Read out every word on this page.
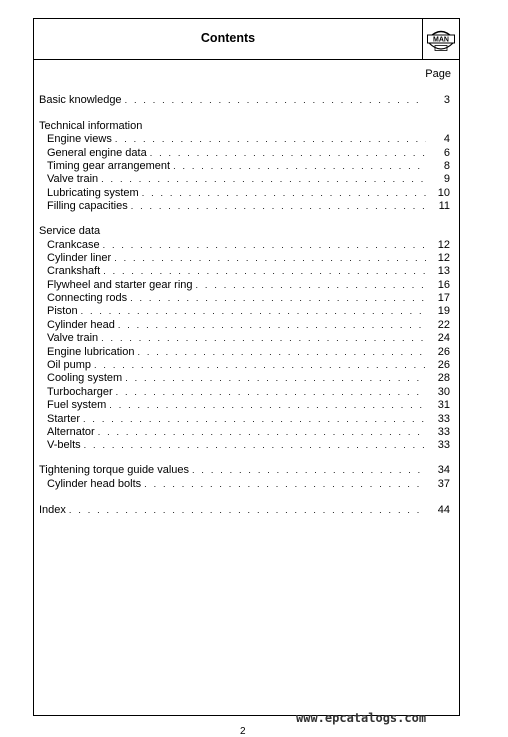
Contents	MAN
Page
Basic knowledge . . .	3
Technical information
Engine views . . .	4
General engine data . . .	6
Timing gear arrangement . . .	8
Valve train . . .	9
Lubricating system . . .	10
Filling capacities . . .	11
Service data
Crankcase . . .	12
Cylinder liner . . .	12
Crankshaft . . .	13
Flywheel and starter gear ring . . .	16
Connecting rods . . .	17
Piston . . .	19
Cylinder head . . .	22
Valve train . . .	24
Engine lubrication . . .	26
Oil pump . . .	26
Cooling system . . .	28
Turbocharger . . .	30
Fuel system . . .	31
Starter . . .	33
Alternator . . .	33
V-belts . . .	33
Tightening torque guide values . . .	34
Cylinder head bolts . . .	37
Index . . .	44
www.epcatalogs.com
2
